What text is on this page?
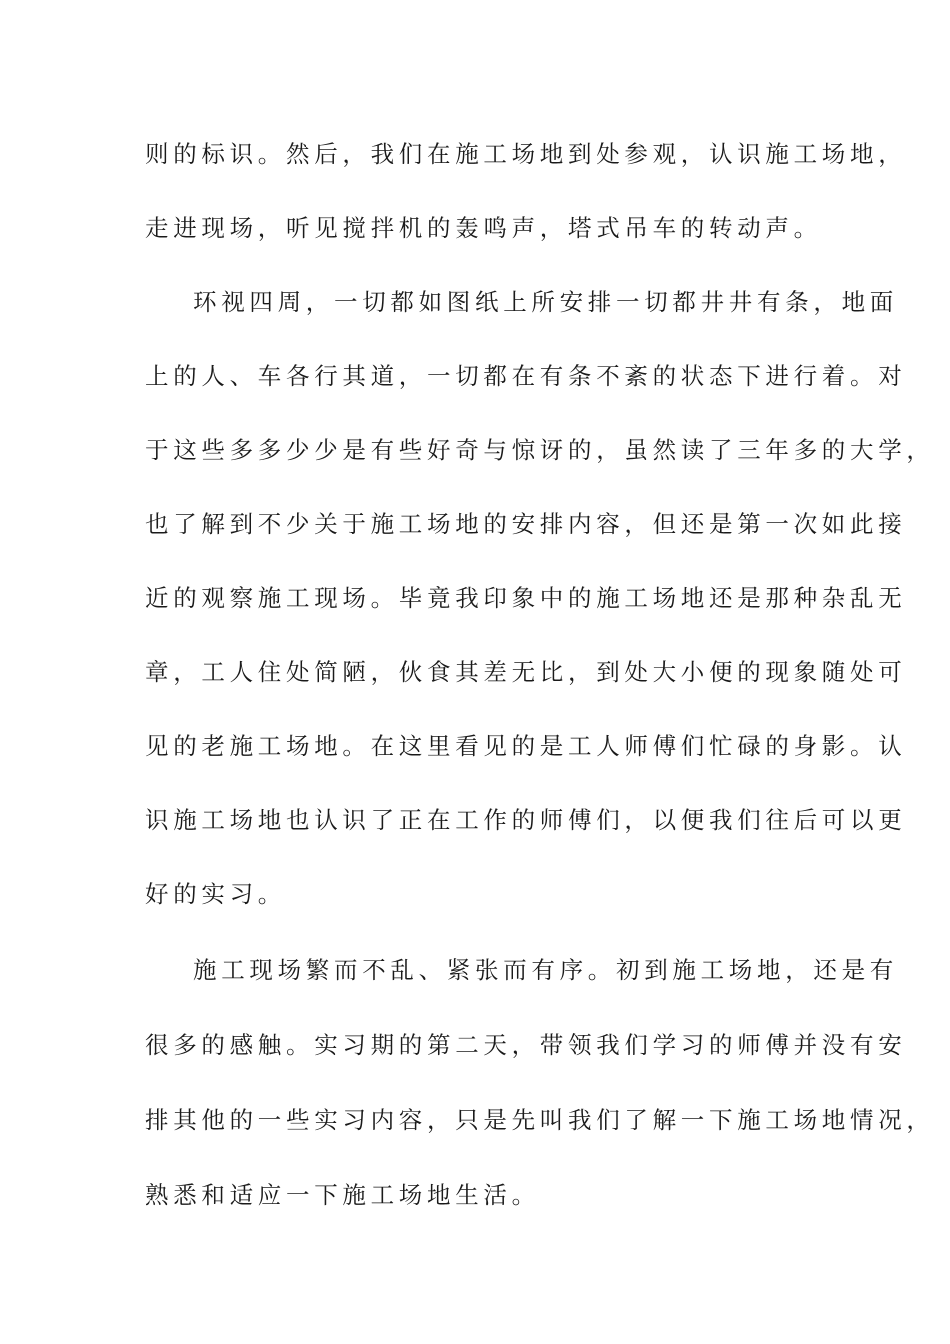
则的标识。然后，我们在施工场地到处参观，认识施工场地，
走进现场，听见搅拌机的轰鸣声，塔式吊车的转动声。
环视四周，一切都如图纸上所安排一切都井井有条，地面
上的人、车各行其道，一切都在有条不紊的状态下进行着。对
于这些多多少少是有些好奇与惊讶的，虽然读了三年多的大学，
也了解到不少关于施工场地的安排内容，但还是第一次如此接
近的观察施工现场。毕竟我印象中的施工场地还是那种杂乱无
章，工人住处简陋，伙食其差无比，到处大小便的现象随处可
见的老施工场地。在这里看见的是工人师傅们忙碌的身影。认
识施工场地也认识了正在工作的师傅们，以便我们往后可以更
好的实习。
施工现场繁而不乱、紧张而有序。初到施工场地，还是有
很多的感触。实习期的第二天，带领我们学习的师傅并没有安
排其他的一些实习内容，只是先叫我们了解一下施工场地情况，
熟悉和适应一下施工场地生活。
